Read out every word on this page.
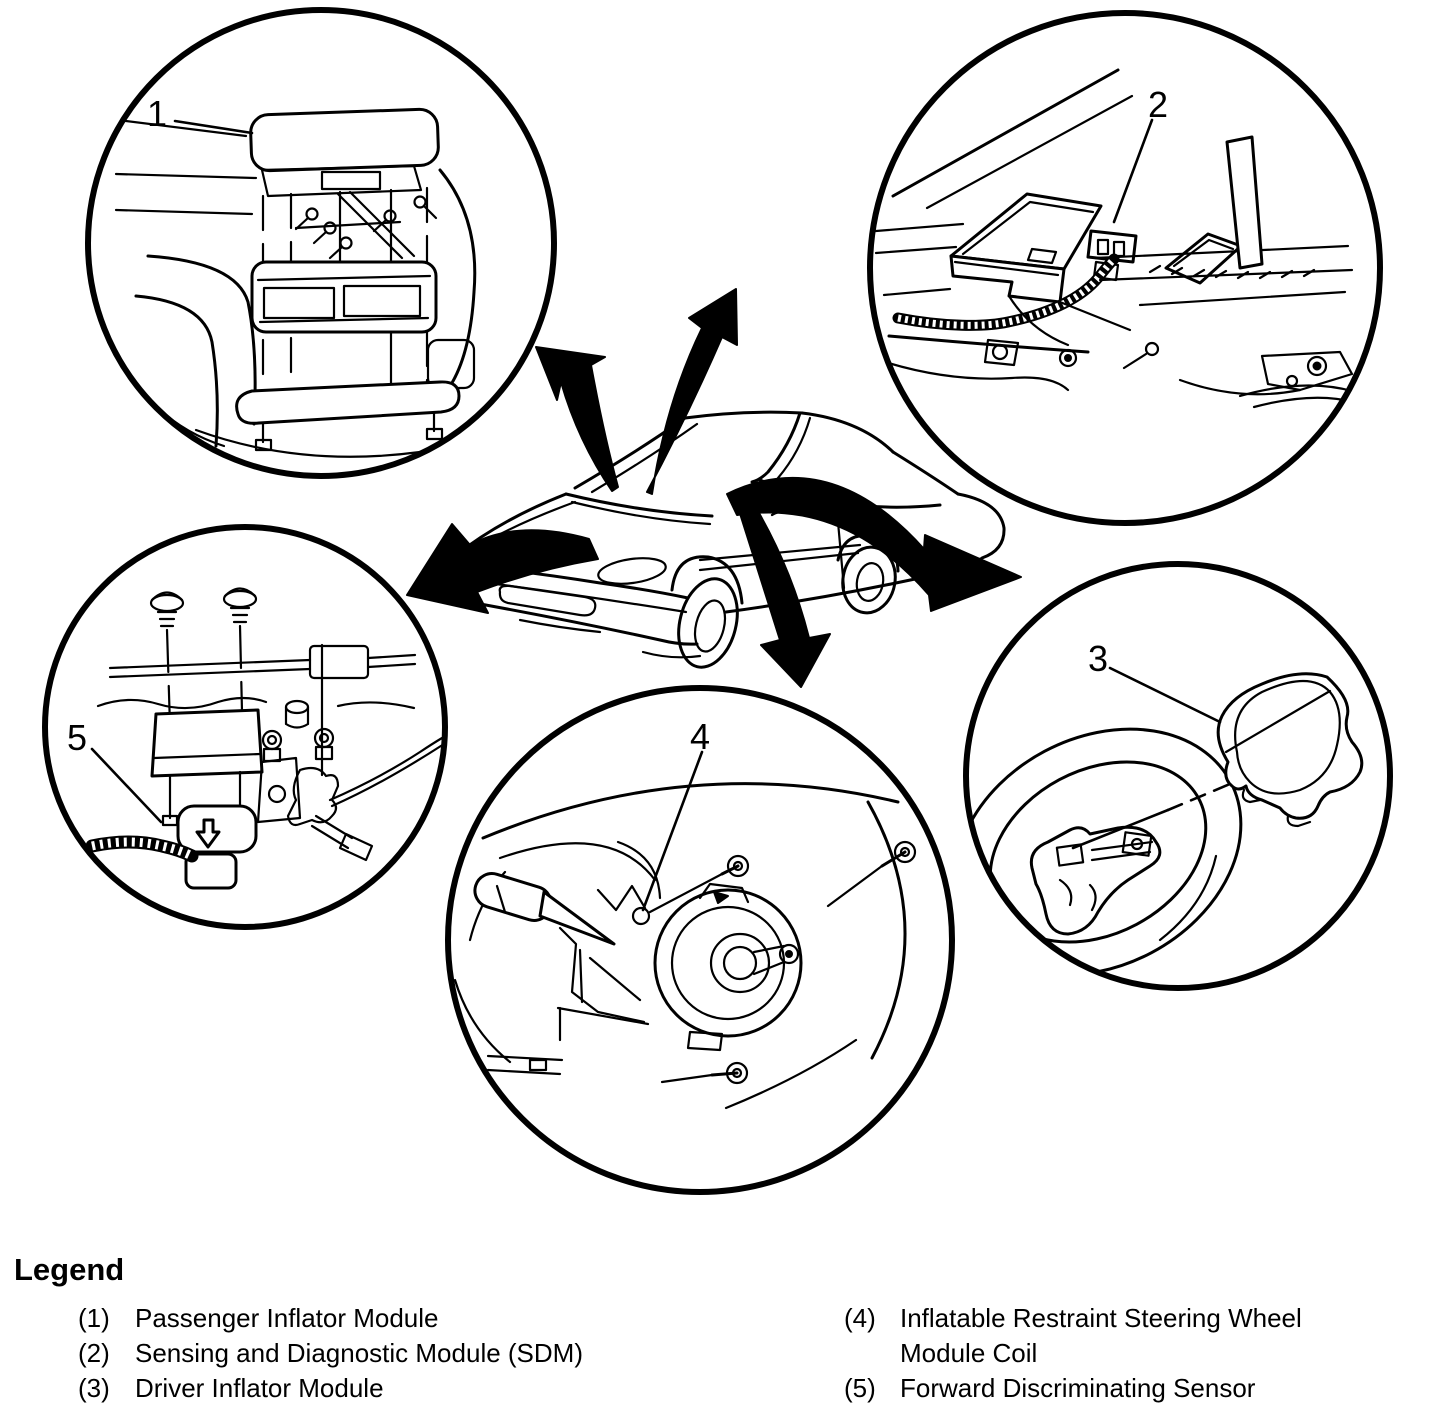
1	2
3
4
5
Legend
(1) Passenger Inflator Module
(2) Sensing and Diagnostic Module (SDM)
(3) Driver Inflator Module
(4) Inflatable Restraint Steering Wheel Module Coil
(5) Forward Discriminating Sensor
